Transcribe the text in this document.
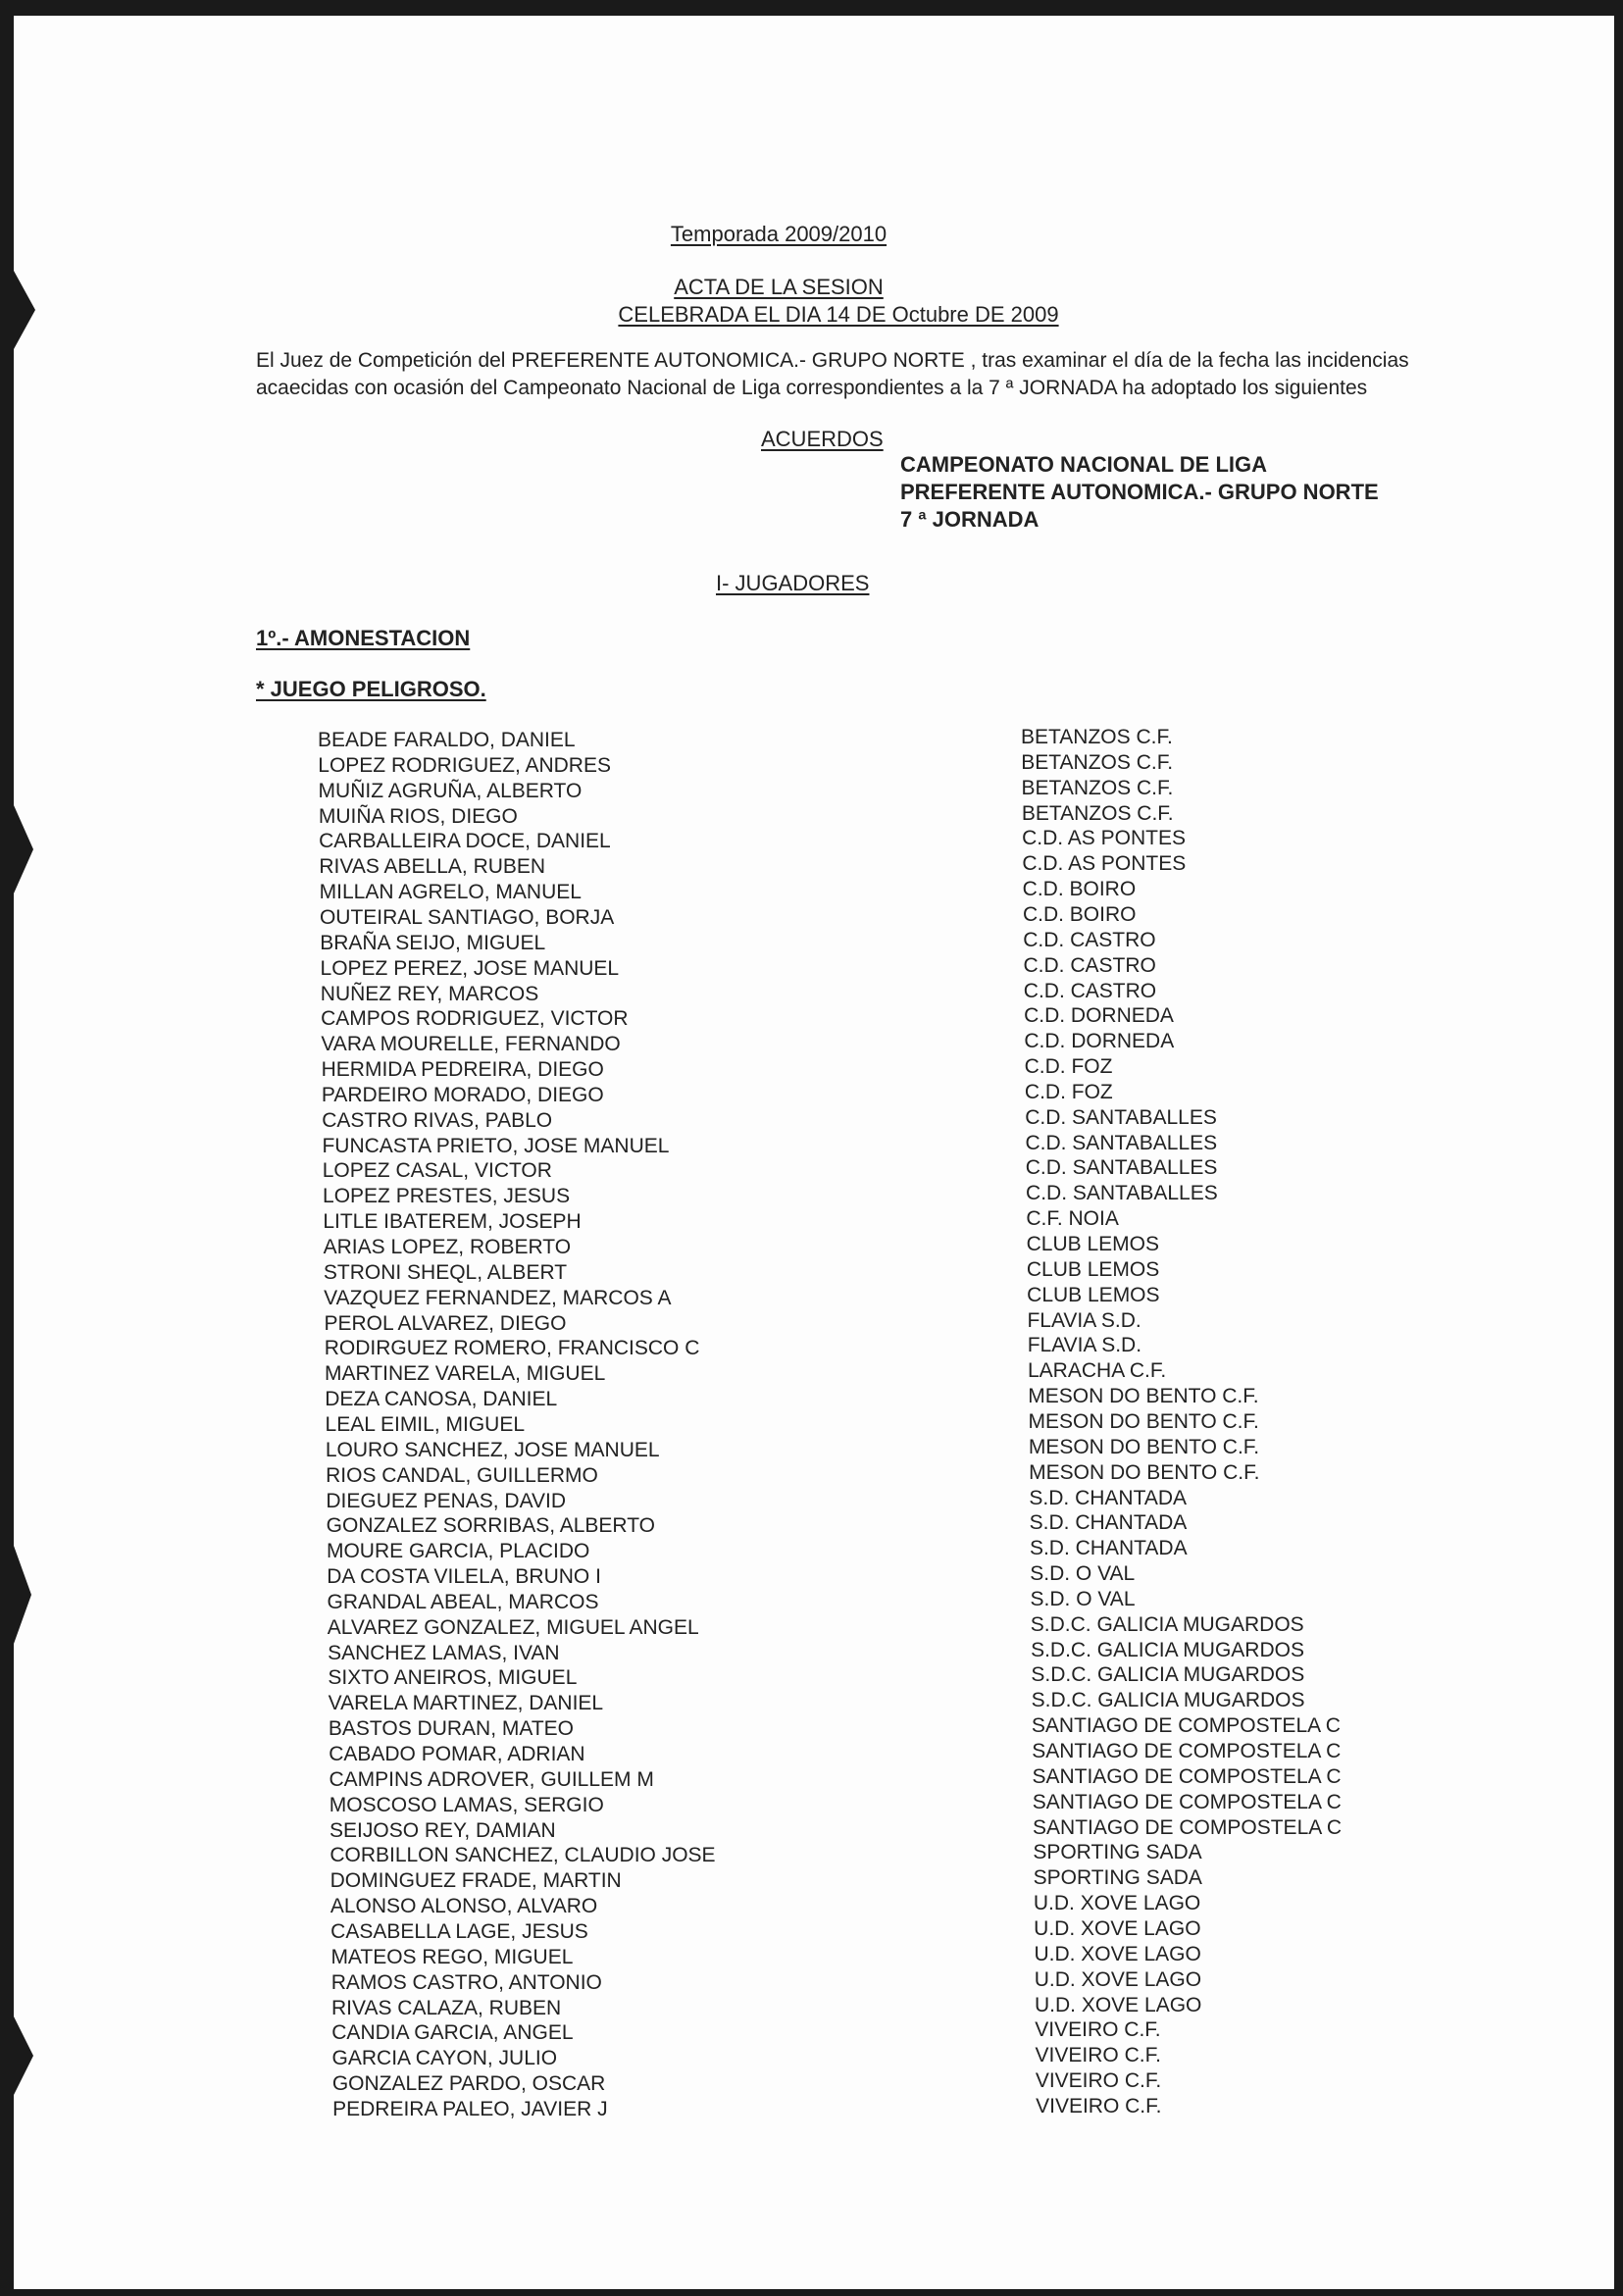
Temporada 2009/2010
ACTA DE LA SESION
CELEBRADA EL DIA 14 DE Octubre DE 2009
El Juez de Competición del PREFERENTE AUTONOMICA.- GRUPO NORTE , tras examinar el día de la fecha las incidencias
acaecidas con ocasión del Campeonato Nacional de Liga correspondientes a la 7 ª JORNADA ha adoptado los siguientes
ACUERDOS
CAMPEONATO NACIONAL DE LIGA
PREFERENTE AUTONOMICA.- GRUPO NORTE
7 ª JORNADA
I- JUGADORES
1º.- AMONESTACION
* JUEGO PELIGROSO.
BEADE FARALDO, DANIEL	BETANZOS C.F.
LOPEZ RODRIGUEZ, ANDRES	BETANZOS C.F.
MUÑIZ AGRUÑA, ALBERTO	BETANZOS C.F.
MUIÑA RIOS, DIEGO	BETANZOS C.F.
CARBALLEIRA DOCE, DANIEL	C.D. AS PONTES
RIVAS ABELLA, RUBEN	C.D. AS PONTES
MILLAN AGRELO, MANUEL	C.D. BOIRO
OUTEIRAL SANTIAGO, BORJA	C.D. BOIRO
BRAÑA SEIJO, MIGUEL	C.D. CASTRO
LOPEZ PEREZ, JOSE MANUEL	C.D. CASTRO
NUÑEZ REY, MARCOS	C.D. CASTRO
CAMPOS RODRIGUEZ, VICTOR	C.D. DORNEDA
VARA MOURELLE, FERNANDO	C.D. DORNEDA
HERMIDA PEDREIRA, DIEGO	C.D. FOZ
PARDEIRO MORADO, DIEGO	C.D. FOZ
CASTRO RIVAS, PABLO	C.D. SANTABALLES
FUNCASTA PRIETO, JOSE MANUEL	C.D. SANTABALLES
LOPEZ CASAL, VICTOR	C.D. SANTABALLES
LOPEZ PRESTES, JESUS	C.D. SANTABALLES
LITLE IBATEREM, JOSEPH	C.F. NOIA
ARIAS LOPEZ, ROBERTO	CLUB LEMOS
STRONI SHEQL, ALBERT	CLUB LEMOS
VAZQUEZ FERNANDEZ, MARCOS A	CLUB LEMOS
PEROL ALVAREZ, DIEGO	FLAVIA S.D.
RODIRGUEZ ROMERO, FRANCISCO C	FLAVIA S.D.
MARTINEZ VARELA, MIGUEL	LARACHA C.F.
DEZA CANOSA, DANIEL	MESON DO BENTO C.F.
LEAL EIMIL, MIGUEL	MESON DO BENTO C.F.
LOURO SANCHEZ, JOSE MANUEL	MESON DO BENTO C.F.
RIOS CANDAL, GUILLERMO	MESON DO BENTO C.F.
DIEGUEZ PENAS, DAVID	S.D. CHANTADA
GONZALEZ SORRIBAS, ALBERTO	S.D. CHANTADA
MOURE GARCIA, PLACIDO	S.D. CHANTADA
DA COSTA VILELA, BRUNO I	S.D. O VAL
GRANDAL ABEAL, MARCOS	S.D. O VAL
ALVAREZ GONZALEZ, MIGUEL ANGEL	S.D.C. GALICIA MUGARDOS
SANCHEZ LAMAS, IVAN	S.D.C. GALICIA MUGARDOS
SIXTO ANEIROS, MIGUEL	S.D.C. GALICIA MUGARDOS
VARELA MARTINEZ, DANIEL	S.D.C. GALICIA MUGARDOS
BASTOS DURAN, MATEO	SANTIAGO DE COMPOSTELA C
CABADO POMAR, ADRIAN	SANTIAGO DE COMPOSTELA C
CAMPINS ADROVER, GUILLEM M	SANTIAGO DE COMPOSTELA C
MOSCOSO LAMAS, SERGIO	SANTIAGO DE COMPOSTELA C
SEIJOSO REY, DAMIAN	SANTIAGO DE COMPOSTELA C
CORBILLON SANCHEZ, CLAUDIO JOSE	SPORTING SADA
DOMINGUEZ FRADE, MARTIN	SPORTING SADA
ALONSO ALONSO, ALVARO	U.D. XOVE LAGO
CASABELLA LAGE, JESUS	U.D. XOVE LAGO
MATEOS REGO, MIGUEL	U.D. XOVE LAGO
RAMOS CASTRO, ANTONIO	U.D. XOVE LAGO
RIVAS CALAZA, RUBEN	U.D. XOVE LAGO
CANDIA GARCIA, ANGEL	VIVEIRO C.F.
GARCIA CAYON, JULIO	VIVEIRO C.F.
GONZALEZ PARDO, OSCAR	VIVEIRO C.F.
PEDREIRA PALEO, JAVIER J	VIVEIRO C.F.
